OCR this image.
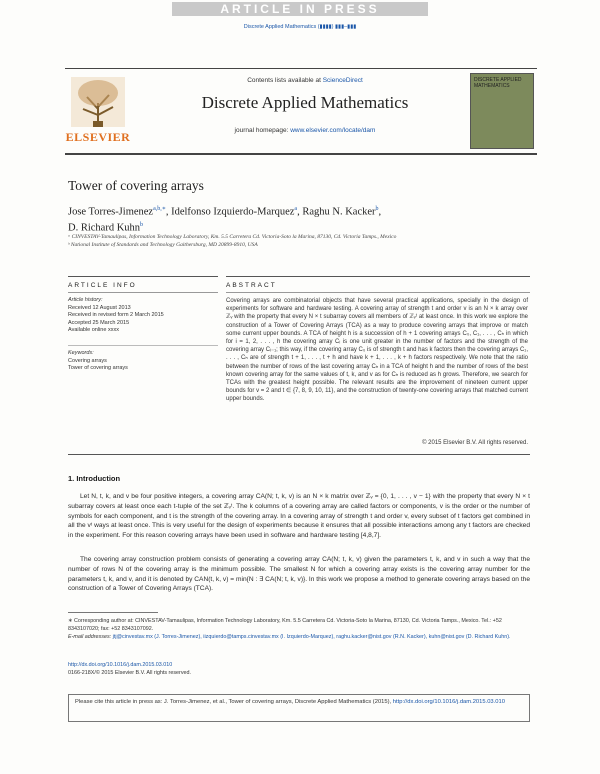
ARTICLE IN PRESS
Discrete Applied Mathematics (▮▮▮▮) ▮▮▮–▮▮▮
ELSEVIER
Contents lists available at ScienceDirect
Discrete Applied Mathematics
journal homepage: www.elsevier.com/locate/dam
DISCRETE APPLIED MATHEMATICS
Tower of covering arrays
Jose Torres-Jimenez$^{a,b,∗}$, Idelfonso Izquierdo-Marquez$^a$, Raghu N. Kacker$^b$,
D. Richard Kuhn$^b$
ᵃ CINVESTAV-Tamaulipas, Information Technology Laboratory, Km. 5.5 Carretera Cd. Victoria-Soto la Marina, 87130, Cd. Victoria Tamps., Mexico
ᵇ National Institute of Standards and Technology Gaithersburg, MD 20899-8910, USA
ARTICLE INFO	ABSTRACT
Article history:
Received 12 August 2013
Received in revised form 2 March 2015
Accepted 25 March 2015
Available online xxxx
Keywords:
Covering arrays
Tower of covering arrays
Covering arrays are combinatorial objects that have several practical applications, specially in the design of experiments for software and hardware testing. A covering array of strength t and order v is an N × k array over ℤᵥ with the property that every N × t subarray covers all members of ℤᵥᵗ at least once. In this work we explore the construction of a Tower of Covering Arrays (TCA) as a way to produce covering arrays that improve or match some current upper bounds. A TCA of height h is a succession of h + 1 covering arrays C₀, C₁, . . . , Cₕ in which for i = 1, 2, . . . , h the covering array Cᵢ is one unit greater in the number of factors and the strength of the covering array Cᵢ₋₁; this way, if the covering array C₀ is of strength t and has k factors then the covering arrays C₁, . . . , Cₕ are of strength t + 1, . . . , t + h and have k + 1, . . . , k + h factors respectively. We note that the ratio between the number of rows of the last covering array Cₕ in a TCA of height h and the number of rows of the best known covering array for the same values of t, k, and v as for Cₕ is reduced as h grows. Therefore, we search for TCAs with the greatest height possible. The relevant results are the improvement of nineteen current upper bounds for v = 2 and t ∈ {7, 8, 9, 10, 11}, and the construction of twenty-one covering arrays that matched current upper bounds.
© 2015 Elsevier B.V. All rights reserved.
1. Introduction
Let N, t, k, and v be four positive integers, a covering array CA(N; t, k, v) is an N × k matrix over ℤᵥ = {0, 1, . . . , v − 1} with the property that every N × t subarray covers at least once each t-tuple of the set ℤᵥᵗ. The k columns of a covering array are called factors or components, v is the order or the number of symbols for each component, and t is the strength of the covering array. In a covering array of strength t and order v, every subset of t factors get combined in all the vᵗ ways at least once. This is very useful for the design of experiments because it ensures that all possible interactions among any t factors are checked in the experiment. For this reason covering arrays have been used in software and hardware testing [4,8,7].
The covering array construction problem consists of generating a covering array CA(N; t, k, v) given the parameters t, k, and v in such a way that the number of rows N of the covering array is the minimum possible. The smallest N for which a covering array exists is the covering array number for the parameters t, k, and v, and it is denoted by CAN(t, k, v) = min{N : ∃ CA(N; t, k, v)}. In this work we propose a method to generate covering arrays based on the construction of a Tower of Covering Arrays (TCA).
∗ Corresponding author at: CINVESTAV-Tamaulipas, Information Technology Laboratory, Km. 5.5 Carretera Cd. Victoria-Soto la Marina, 87130, Cd. Victoria Tamps., Mexico. Tel.: +52 8343107020; fax: +52 8343107092.
E-mail addresses: jtj@cinvestav.mx (J. Torres-Jimenez), iizquierdo@tamps.cinvestav.mx (I. Izquierdo-Marquez), raghu.kacker@nist.gov (R.N. Kacker), kuhn@nist.gov (D. Richard Kuhn).
http://dx.doi.org/10.1016/j.dam.2015.03.010
0166-218X/© 2015 Elsevier B.V. All rights reserved.
Please cite this article in press as: J. Torres-Jimenez, et al., Tower of covering arrays, Discrete Applied Mathematics (2015), http://dx.doi.org/10.1016/j.dam.2015.03.010
